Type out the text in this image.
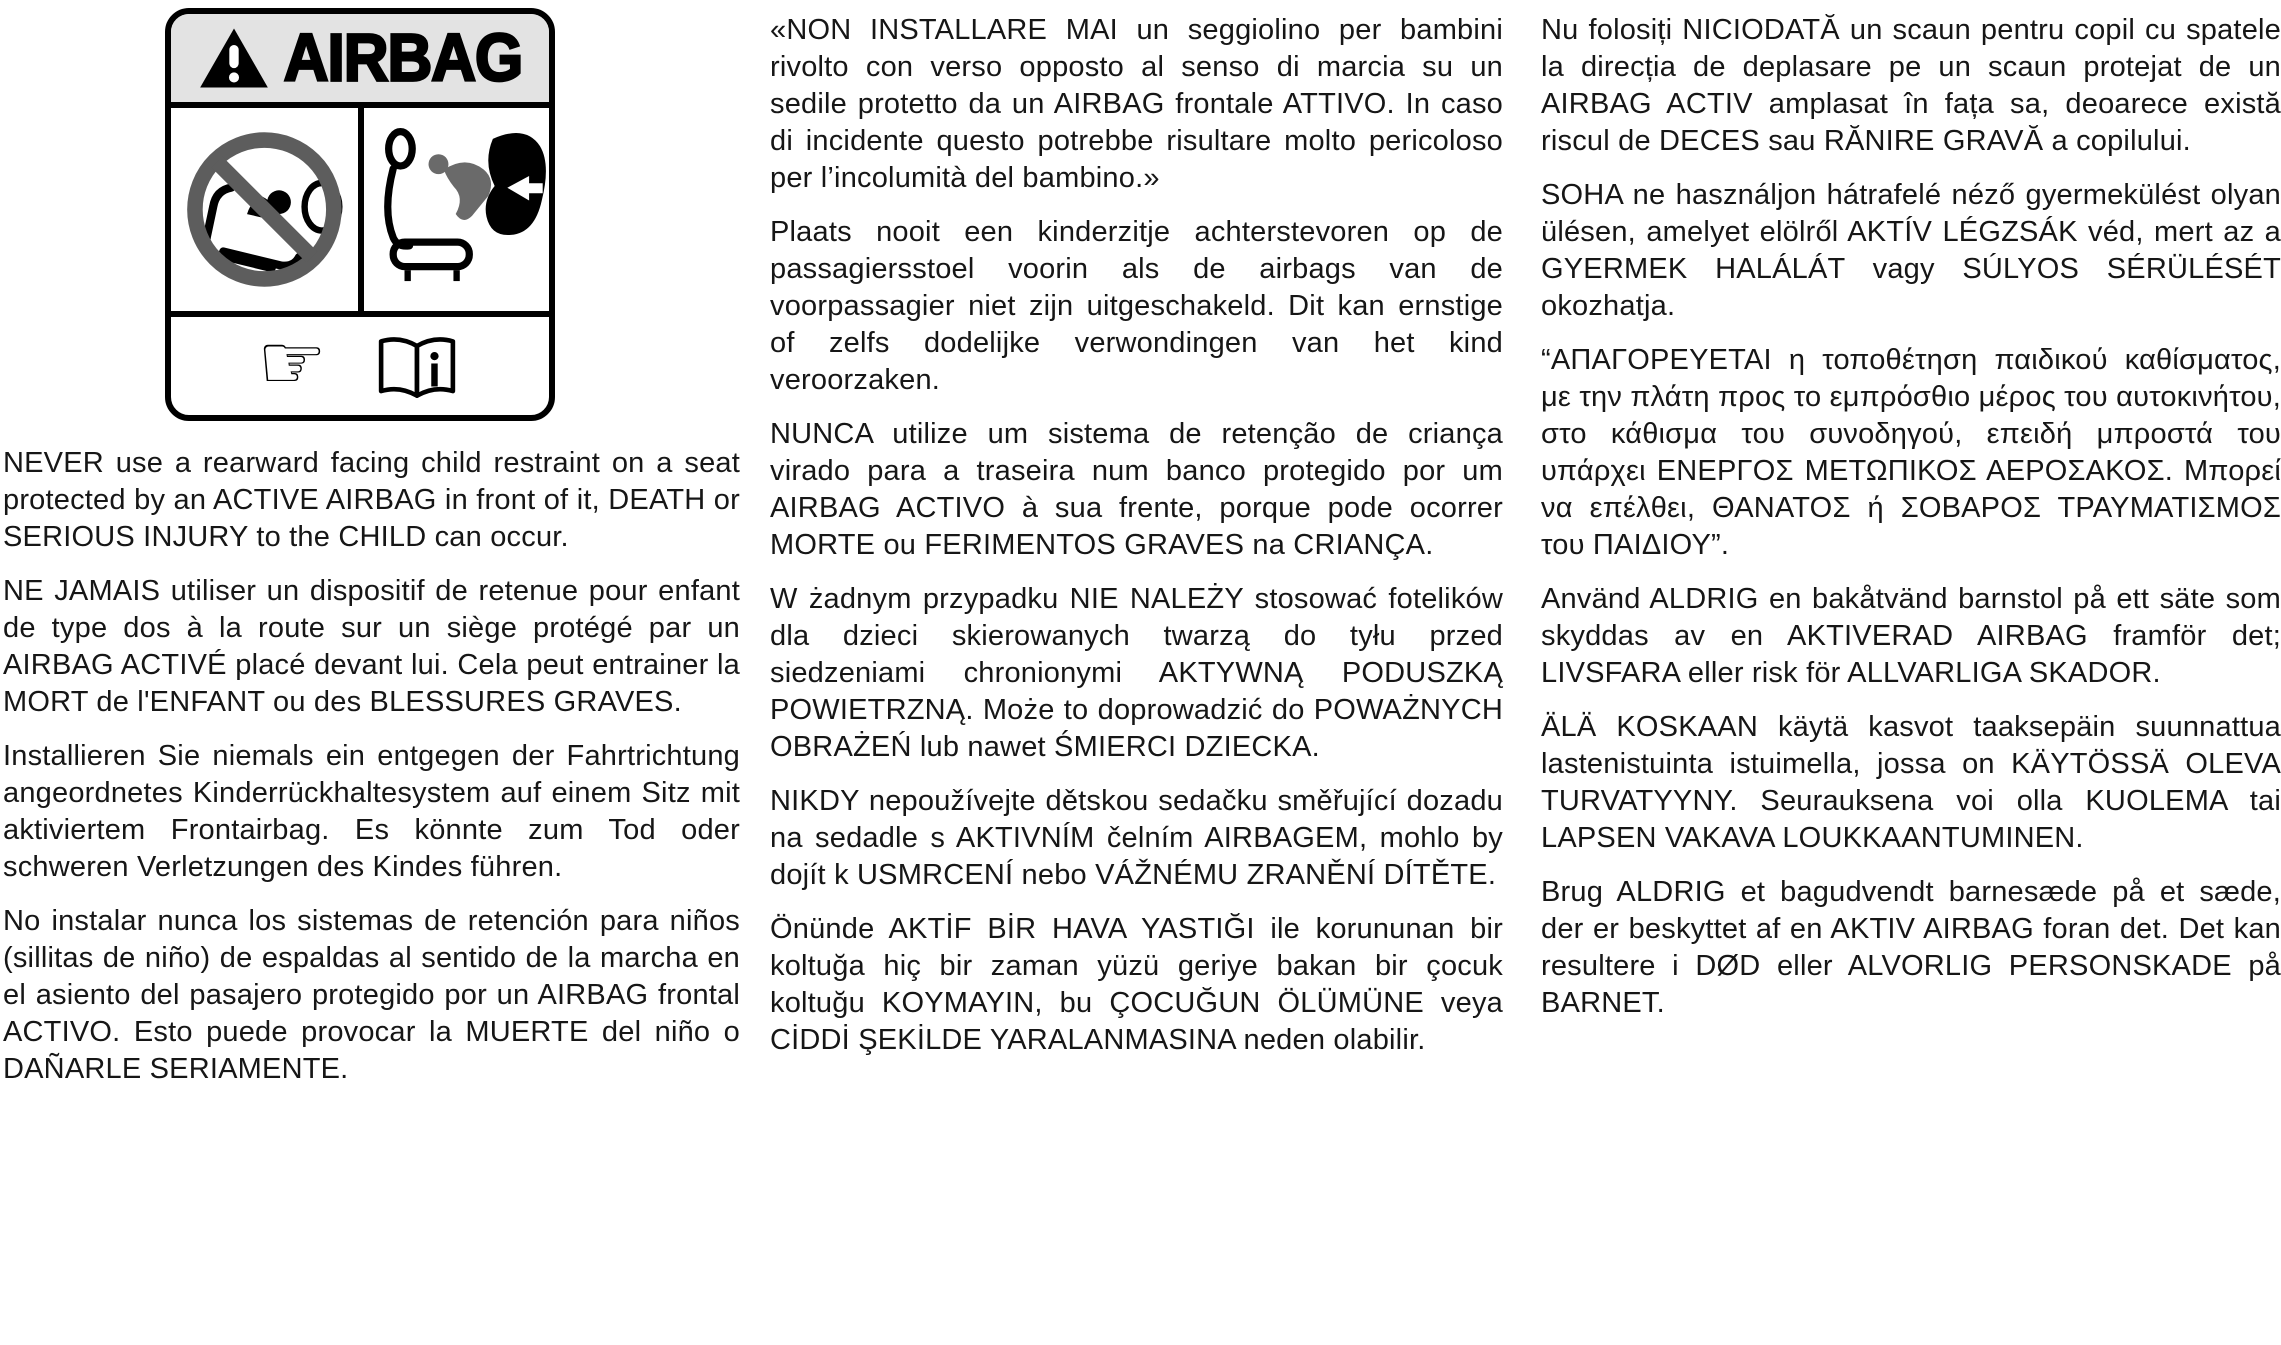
AIRBAG
☞

NEVER use a rearward facing child restraint on a seat protected by an ACTIVE AIRBAG in front of it, DEATH or SERIOUS INJURY to the CHILD can occur.

NE JAMAIS utiliser un dispositif de retenue pour enfant de type dos à la route sur un siège protégé par un AIRBAG ACTIVÉ placé devant lui. Cela peut entrainer la MORT de l'ENFANT ou des BLESSURES GRAVES.

Installieren Sie niemals ein entgegen der Fahrtrichtung angeordnetes Kinderrückhaltesystem auf einem Sitz mit aktiviertem Frontairbag. Es könnte zum Tod oder schweren Verletzungen des Kindes führen.

No instalar nunca los sistemas de retención para niños (sillitas de niño) de espaldas al sentido de la marcha en el asiento del pasajero protegido por un AIRBAG frontal ACTIVO. Esto puede provocar la MUERTE del niño o DAÑARLE SERIAMENTE.

«NON INSTALLARE MAI un seggiolino per bambini rivolto con verso opposto al senso di marcia su un sedile protetto da un AIRBAG frontale ATTIVO. In caso di incidente questo potrebbe risultare molto pericoloso per l’incolumità del bambino.»

Plaats nooit een kinderzitje achterstevoren op de passagiersstoel voorin als de airbags van de voorpassagier niet zijn uitgeschakeld. Dit kan ernstige of zelfs dodelijke verwondingen van het kind veroorzaken.

NUNCA utilize um sistema de retenção de criança virado para a traseira num banco protegido por um AIRBAG ACTIVO à sua frente, porque pode ocorrer MORTE ou FERIMENTOS GRAVES na CRIANÇA.

W żadnym przypadku NIE NALEŻY stosować fotelików dla dzieci skierowanych twarzą do tyłu przed siedzeniami chronionymi AKTYWNĄ PODUSZKĄ POWIETRZNĄ. Może to doprowadzić do POWAŻNYCH OBRAŻEŃ lub nawet ŚMIERCI DZIECKA.

NIKDY nepoužívejte dětskou sedačku směřující dozadu na sedadle s AKTIVNÍM čelním AIRBAGEM, mohlo by dojít k USMRCENÍ nebo VÁŽNÉMU ZRANĚNÍ DÍTĚTE.

Önünde AKTİF BİR HAVA YASTIĞI ile korununan bir koltuğa hiç bir zaman yüzü geriye bakan bir çocuk koltuğu KOYMAYIN, bu ÇOCUĞUN ÖLÜMÜNE veya CİDDİ ŞEKİLDE YARALANMASINA neden olabilir.

Nu folosiți NICIODATĂ un scaun pentru copil cu spatele la direcția de deplasare pe un scaun protejat de un AIRBAG ACTIV amplasat în fața sa, deoarece există riscul de DECES sau RĂNIRE GRAVĂ a copilului.

SOHA ne használjon hátrafelé néző gyermekülést olyan ülésen, amelyet elölről AKTÍV LÉGZSÁK véd, mert az a GYERMEK HALÁLÁT vagy SÚLYOS SÉRÜLÉSÉT okozhatja.

“ΑΠΑΓΟΡΕΥΕΤΑΙ η τοποθέτηση παιδικού καθίσματος, με την πλάτη προς το εμπρόσθιο μέρος του αυτοκινήτου, στο κάθισμα του συνοδηγού, επειδή μπροστά του υπάρχει ΕΝΕΡΓΟΣ ΜΕΤΩΠΙΚΟΣ ΑΕΡΟΣΑΚΟΣ. Μπορεί να επέλθει, ΘΑΝΑΤΟΣ ή ΣΟΒΑΡΟΣ ΤΡΑΥΜΑΤΙΣΜΟΣ του ΠΑΙΔΙΟΥ”.

Använd ALDRIG en bakåtvänd barnstol på ett säte som skyddas av en AKTIVERAD AIRBAG framför det; LIVSFARA eller risk för ALLVARLIGA SKADOR.

ÄLÄ KOSKAAN käytä kasvot taaksepäin suunnattua lastenistuinta istuimella, jossa on KÄYTÖSSÄ OLEVA TURVATYYNY. Seurauksena voi olla KUOLEMA tai LAPSEN VAKAVA LOUKKAANTUMINEN.

Brug ALDRIG et bagudvendt barnesæde på et sæde, der er beskyttet af en AKTIV AIRBAG foran det. Det kan resultere i DØD eller ALVORLIG PERSONSKADE på BARNET.
